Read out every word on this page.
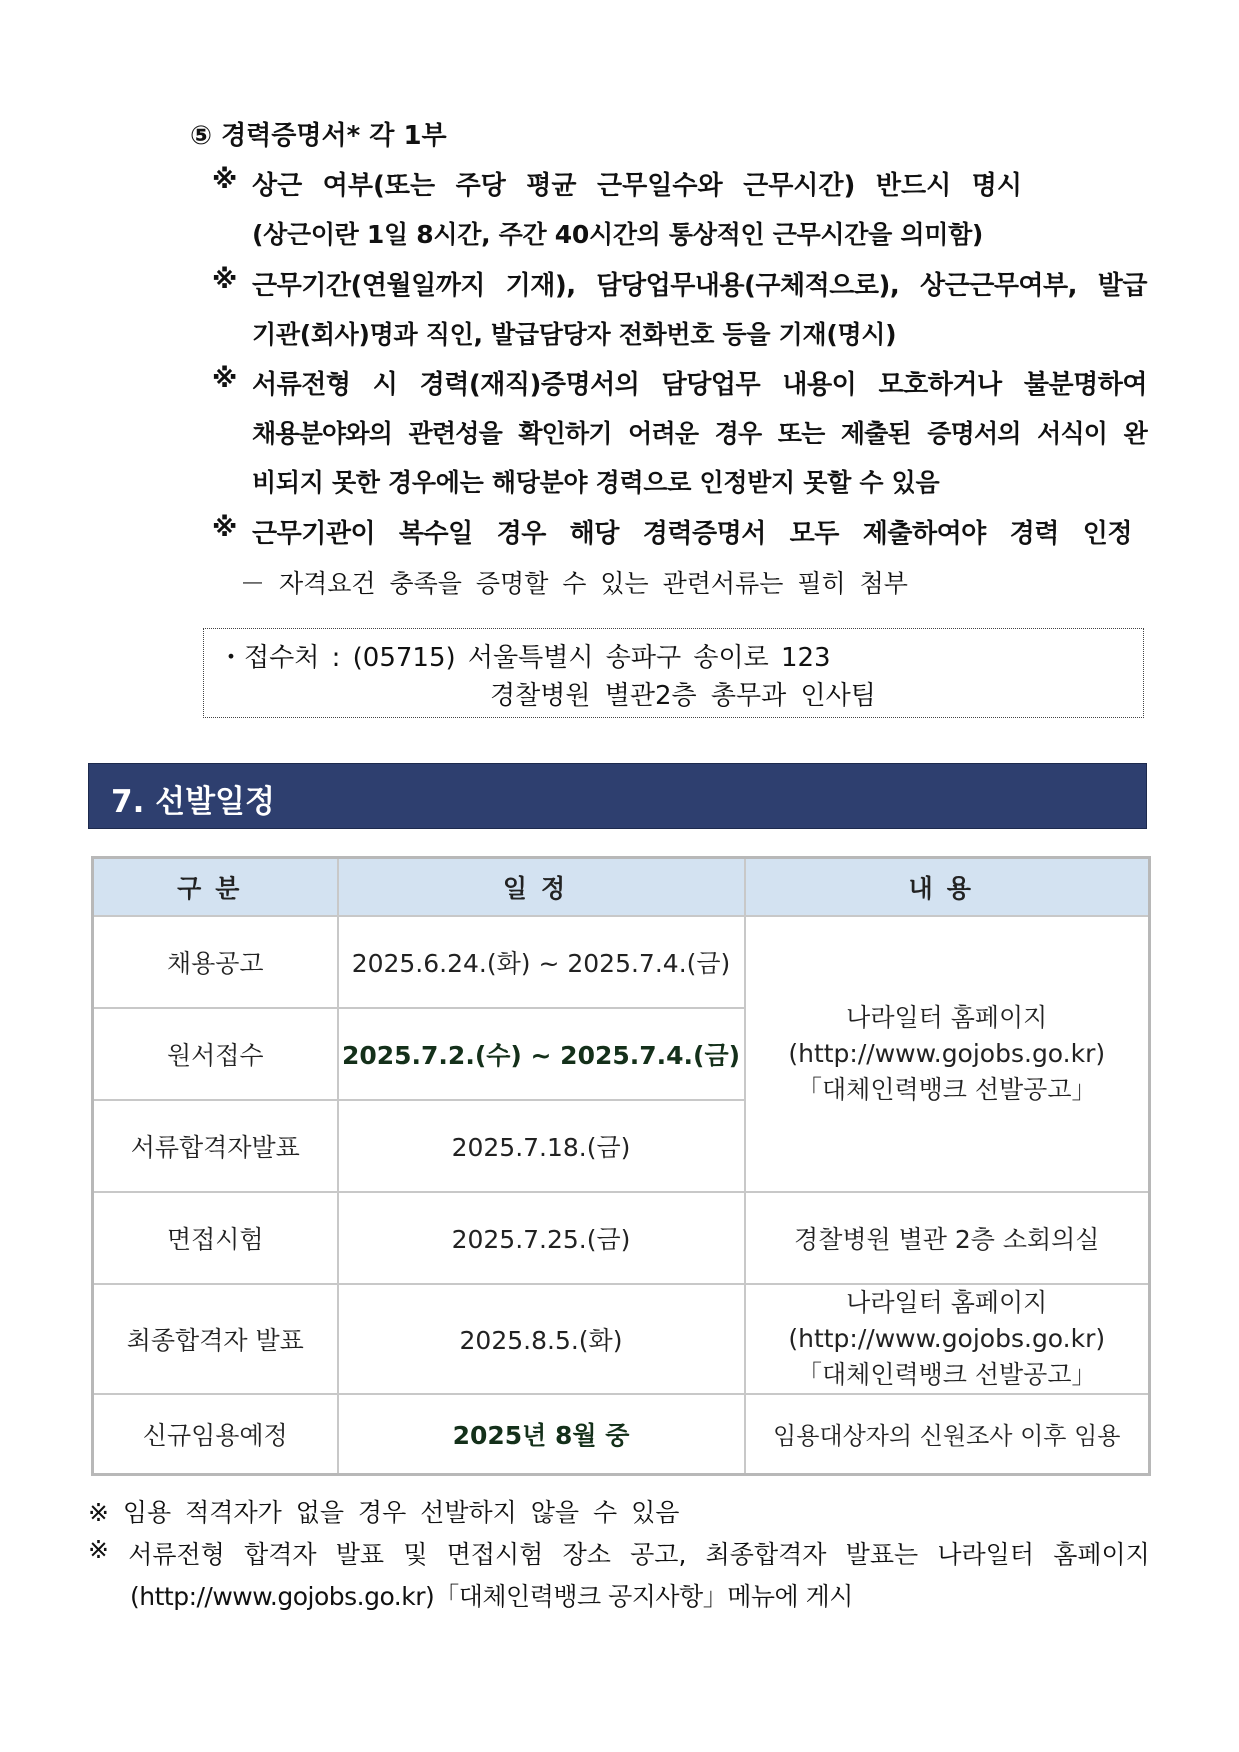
⑤ 경력증명서* 각 1부
※ 상근 여부(또는 주당 평균 근무일수와 근무시간) 반드시 명시
(상근이란 1일 8시간, 주간 40시간의 통상적인 근무시간을 의미함)
※ 근무기간(연월일까지 기재), 담당업무내용(구체적으로), 상근근무여부, 발급
기관(회사)명과 직인, 발급담당자 전화번호 등을 기재(명시)
※ 서류전형 시 경력(재직)증명서의 담당업무 내용이 모호하거나 불분명하여
채용분야와의 관련성을 확인하기 어려운 경우 또는 제출된 증명서의 서식이 완
비되지 못한 경우에는 해당분야 경력으로 인정받지 못할 수 있음
※ 근무기관이 복수일 경우 해당 경력증명서 모두 제출하여야 경력 인정
－ 자격요건 충족을 증명할 수 있는 관련서류는 필히 첨부
・접수처 : (05715) 서울특별시 송파구 송이로 123
경찰병원 별관2층 총무과 인사팀
7. 선발일정
구분	일정	내용
채용공고	2025.6.24.(화) ~ 2025.7.4.(금)	나라일터 홈페이지
(http://www.gojobs.go.kr)
「대체인력뱅크 선발공고」

원서접수	2025.7.2.(수) ~ 2025.7.4.(금)	
서류합격자발표	2025.7.18.(금)	
면접시험	2025.7.25.(금)	경찰병원 별관 2층 소회의실
최종합격자 발표	2025.8.5.(화)	나라일터 홈페이지
(http://www.gojobs.go.kr)
「대체인력뱅크 선발공고」

신규임용예정	2025년 8월 중	임용대상자의 신원조사 이후 임용
※ 임용 적격자가 없을 경우 선발하지 않을 수 있음
※ 서류전형 합격자 발표 및 면접시험 장소 공고, 최종합격자 발표는 나라일터 홈페이지
(http://www.gojobs.go.kr)「대체인력뱅크 공지사항」메뉴에 게시
